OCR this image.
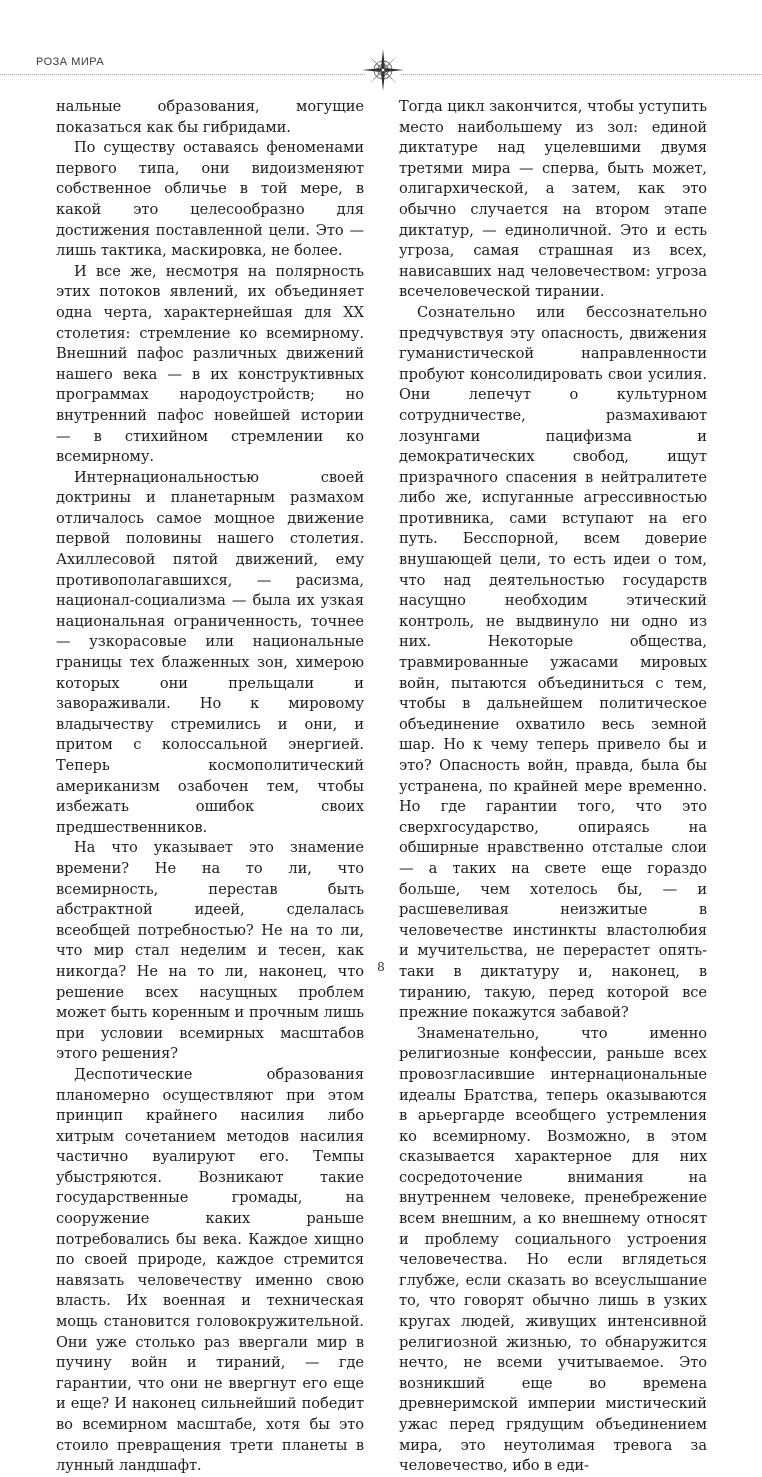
РОЗА МИРА

нальные образования, могущие показаться как бы гибридами.

По существу оставаясь феноменами первого типа, они видоизменяют собственное обличье в той мере, в какой это целесообразно для достижения поставленной цели. Это — лишь тактика, маскировка, не более.

И все же, несмотря на полярность этих потоков явлений, их объединяет одна черта, характернейшая для XX столетия: стремление ко всемирному. Внешний пафос различных движений нашего века — в их конструктивных программах народоустройств; но внутренний пафос новейшей истории — в стихийном стремлении ко всемирному.

Интернациональностью своей доктрины и планетарным размахом отличалось самое мощное движение первой половины нашего столетия. Ахиллесовой пятой движений, ему противополагавшихся, — расизма, национал-социализма — была их узкая национальная ограниченность, точнее — узкорасовые или национальные границы тех блаженных зон, химерою которых они прельщали и завораживали. Но к мировому владычеству стремились и они, и притом с колоссальной энергией. Теперь космополитический американизм озабочен тем, чтобы избежать ошибок своих предшественников.

На что указывает это знамение времени? Не на то ли, что всемирность, перестав быть абстрактной идеей, сделалась всеобщей потребностью? Не на то ли, что мир стал неделим и тесен, как никогда? Не на то ли, наконец, что решение всех насущных проблем может быть коренным и прочным лишь при условии всемирных масштабов этого решения?

Деспотические образования планомерно осуществляют при этом принцип крайнего насилия либо хитрым сочетанием методов насилия частично вуалируют его. Темпы убыстряются. Возникают такие государственные громады, на сооружение каких раньше потребовались бы века. Каждое хищно по своей природе, каждое стремится навязать человечеству именно свою власть. Их военная и техническая мощь становится головокружительной. Они уже столько раз ввергали мир в пучину войн и тираний, — где гарантии, что они не ввергнут его еще и еще? И наконец сильнейший победит во всемирном масштабе, хотя бы это стоило превращения трети планеты в лунный ландшафт.

Тогда цикл закончится, чтобы уступить место наибольшему из зол: единой диктатуре над уцелевшими двумя третями мира — сперва, быть может, олигархической, а затем, как это обычно случается на втором этапе диктатур, — единоличной. Это и есть угроза, самая страшная из всех, нависавших над человечеством: угроза всечеловеческой тирании.

Сознательно или бессознательно предчувствуя эту опасность, движения гуманистической направленности пробуют консолидировать свои усилия. Они лепечут о культурном сотрудничестве, размахивают лозунгами пацифизма и демократических свобод, ищут призрачного спасения в нейтралитете либо же, испуганные агрессивностью противника, сами вступают на его путь. Бесспорной, всем доверие внушающей цели, то есть идеи о том, что над деятельностью государств насущно необходим этический контроль, не выдвинуло ни одно из них. Некоторые общества, травмированные ужасами мировых войн, пытаются объединиться с тем, чтобы в дальнейшем политическое объединение охватило весь земной шар. Но к чему теперь привело бы и это? Опасность войн, правда, была бы устранена, по крайней мере временно. Но где гарантии того, что это сверхгосударство, опираясь на обширные нравственно отсталые слои — а таких на свете еще гораздо больше, чем хотелось бы, — и расшевеливая неизжитые в человечестве инстинкты властолюбия и мучительства, не перерастет опять-таки в диктатуру и, наконец, в тиранию, такую, перед которой все прежние покажутся забавой?

Знаменательно, что именно религиозные конфессии, раньше всех провозгласившие интернациональные идеалы Братства, теперь оказываются в арьергарде всеобщего устремления ко всемирному. Возможно, в этом сказывается характерное для них сосредоточение внимания на внутреннем человеке, пренебрежение всем внешним, а ко внешнему относят и проблему социального устроения человечества. Но если вглядеться глубже, если сказать во всеуслышание то, что говорят обычно лишь в узких кругах людей, живущих интенсивной религиозной жизнью, то обнаружится нечто, не всеми учитываемое. Это возникший еще во времена древнеримской империи мистический ужас перед грядущим объединением мира, это неутолимая тревога за человечество, ибо в еди-

8
